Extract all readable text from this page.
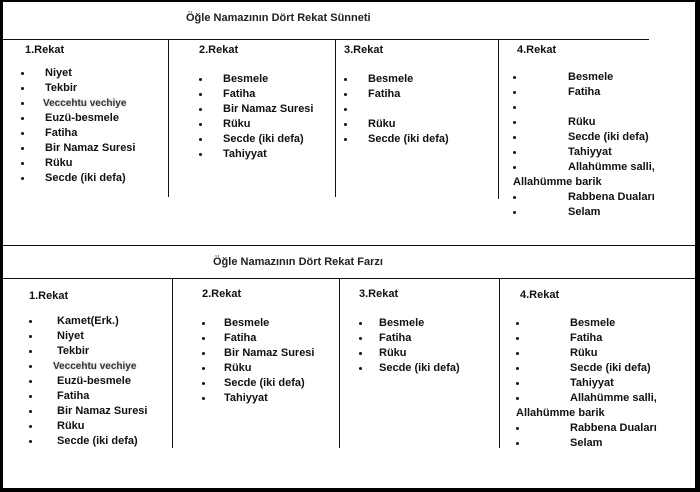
Öğle Namazının Dört Rekat Sünneti
1.Rekat
Niyet
Tekbir
Veccehtu vechiye
Euzü-besmele
Fatiha
Bir Namaz Suresi
Rüku
Secde (iki defa)
2.Rekat
Besmele
Fatiha
Bir Namaz Suresi
Rüku
Secde (iki defa)
Tahiyyat
3.Rekat
Besmele
Fatiha
Rüku
Secde (iki defa)
4.Rekat
Besmele
Fatiha
Rüku
Secde (iki defa)
Tahiyyat
Allahümme salli,
Allahümme barik
Rabbena Duaları
Selam
Öğle Namazının Dört Rekat Farzı
1.Rekat
Kamet(Erk.)
Niyet
Tekbir
Veccehtu vechiye
Euzü-besmele
Fatiha
Bir Namaz Suresi
Rüku
Secde (iki defa)
2.Rekat
Besmele
Fatiha
Bir Namaz Suresi
Rüku
Secde (iki defa)
Tahiyyat
3.Rekat
Besmele
Fatiha
Rüku
Secde (iki defa)
4.Rekat
Besmele
Fatiha
Rüku
Secde (iki defa)
Tahiyyat
Allahümme salli,
Allahümme barik
Rabbena Duaları
Selam
